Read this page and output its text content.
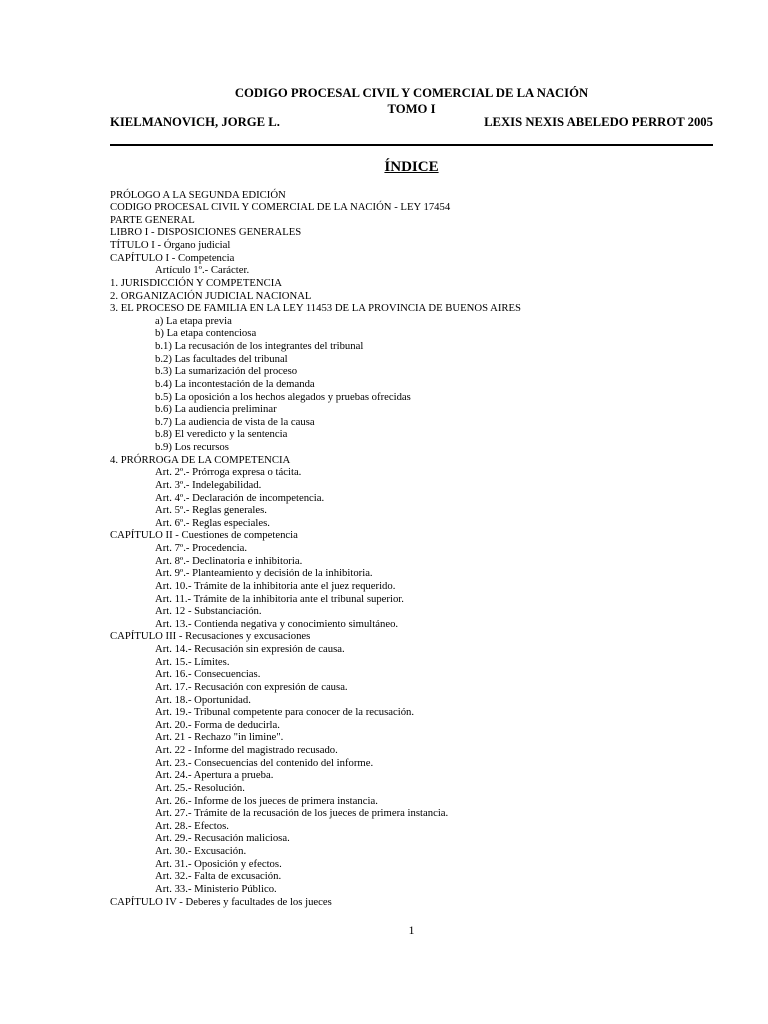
CODIGO PROCESAL CIVIL Y COMERCIAL DE LA NACIÓN
TOMO I
KIELMANOVICH, JORGE L.	LEXIS NEXIS ABELEDO PERROT 2005
ÍNDICE
PRÓLOGO A LA SEGUNDA EDICIÓN
CODIGO PROCESAL CIVIL Y COMERCIAL DE LA NACIÓN - LEY 17454
PARTE GENERAL
LIBRO I - DISPOSICIONES GENERALES
TÍTULO I - Órgano judicial
CAPÍTULO I - Competencia
Artículo 1º.- Carácter.
1. JURISDICCIÓN Y COMPETENCIA
2. ORGANIZACIÓN JUDICIAL NACIONAL
3. EL PROCESO DE FAMILIA EN LA LEY 11453 DE LA PROVINCIA DE BUENOS AIRES
a) La etapa previa
b) La etapa contenciosa
b.1) La recusación de los integrantes del tribunal
b.2) Las facultades del tribunal
b.3) La sumarización del proceso
b.4) La incontestación de la demanda
b.5) La oposición a los hechos alegados y pruebas ofrecidas
b.6) La audiencia preliminar
b.7) La audiencia de vista de la causa
b.8) El veredicto y la sentencia
b.9) Los recursos
4. PRÓRROGA DE LA COMPETENCIA
Art. 2º.- Prórroga expresa o tácita.
Art. 3º.- Indelegabilidad.
Art. 4º.- Declaración de incompetencia.
Art. 5º.- Reglas generales.
Art. 6º.- Reglas especiales.
CAPÍTULO II - Cuestiones de competencia
Art. 7º.- Procedencia.
Art. 8º.- Declinatoria e inhibitoria.
Art. 9º.- Planteamiento y decisión de la inhibitoria.
Art. 10.- Trámite de la inhibitoria ante el juez requerido.
Art. 11.- Trámite de la inhibitoria ante el tribunal superior.
Art. 12 - Substanciación.
Art. 13.- Contienda negativa y conocimiento simultáneo.
CAPÍTULO III - Recusaciones y excusaciones
Art. 14.- Recusación sin expresión de causa.
Art. 15.- Límites.
Art. 16.- Consecuencias.
Art. 17.- Recusación con expresión de causa.
Art. 18.- Oportunidad.
Art. 19.- Tribunal competente para conocer de la recusación.
Art. 20.- Forma de deducirla.
Art. 21 - Rechazo "in limine".
Art. 22 - Informe del magistrado recusado.
Art. 23.- Consecuencias del contenido del informe.
Art. 24.- Apertura a prueba.
Art. 25.- Resolución.
Art. 26.- Informe de los jueces de primera instancia.
Art. 27.- Trámite de la recusación de los jueces de primera instancia.
Art. 28.- Efectos.
Art. 29.- Recusación maliciosa.
Art. 30.- Excusación.
Art. 31.- Oposición y efectos.
Art. 32.- Falta de excusación.
Art. 33.- Ministerio Público.
CAPÍTULO IV - Deberes y facultades de los jueces
1
